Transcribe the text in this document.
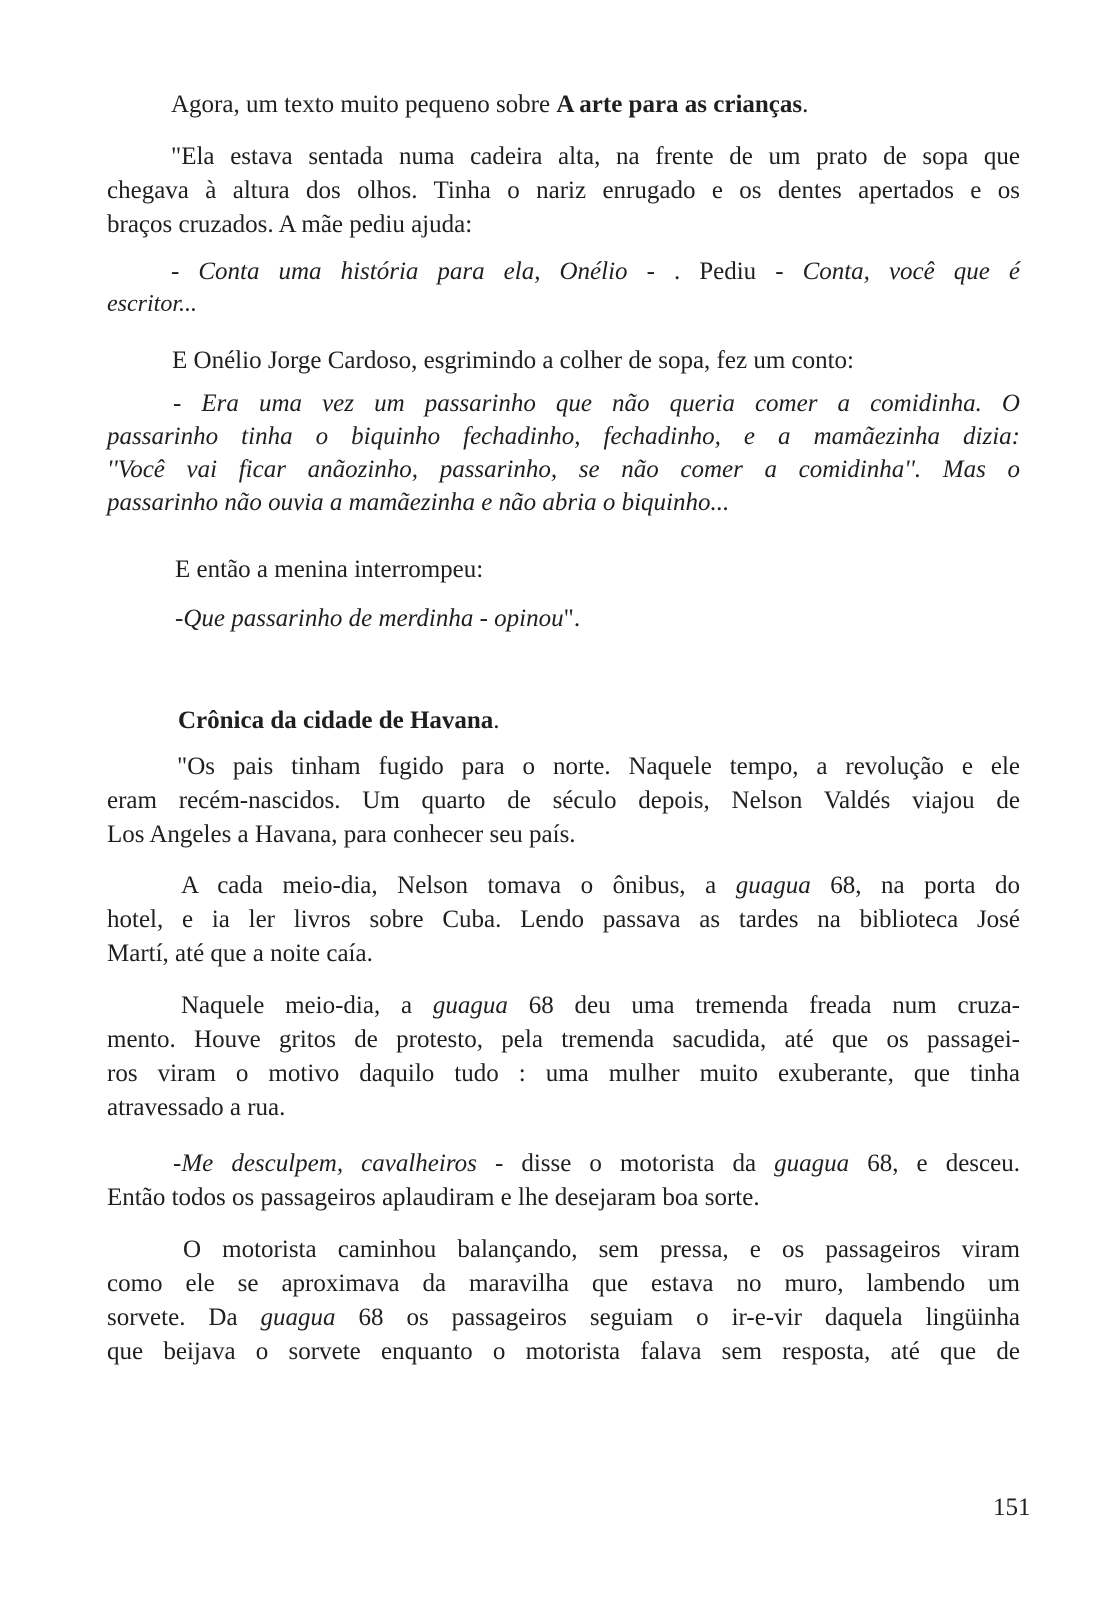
Agora, um texto muito pequeno sobre A arte para as crianças.

"Ela estava sentada numa cadeira alta, na frente de um prato de sopa que

chegava à altura dos olhos. Tinha o nariz enrugado e os dentes apertados e os

braços cruzados. A mãe pediu ajuda:

- Conta uma história para ela, Onélio - . Pediu - Conta, você que é

escritor...

E Onélio Jorge Cardoso, esgrimindo a colher de sopa, fez um conto:

- Era uma vez um passarinho que não queria comer a comidinha. O

passarinho tinha o biquinho fechadinho, fechadinho, e a mamãezinha dizia:

''Você vai ficar anãozinho, passarinho, se não comer a comidinha''. Mas o

passarinho não ouvia a mamãezinha e não abria o biquinho...

E então a menina interrompeu:
-Que passarinho de merdinha - opinou".
Crônica da cidade de Havana.

"Os pais tinham fugido para o norte. Naquele tempo, a revolução e ele

eram recém-nascidos. Um quarto de século depois, Nelson Valdés viajou de

Los Angeles a Havana, para conhecer seu país.

A cada meio-dia, Nelson tomava o ônibus, a guagua 68, na porta do

hotel, e ia ler livros sobre Cuba. Lendo passava as tardes na biblioteca José

Martí, até que a noite caía.

Naquele meio-dia, a guagua 68 deu uma tremenda freada num cruza-

mento. Houve gritos de protesto, pela tremenda sacudida, até que os passagei-

ros viram o motivo daquilo tudo : uma mulher muito exuberante, que tinha

atravessado a rua.

-Me desculpem, cavalheiros - disse o motorista da guagua 68, e desceu.

Então todos os passageiros aplaudiram e lhe desejaram boa sorte.

O motorista caminhou balançando, sem pressa, e os passageiros viram

como ele se aproximava da maravilha que estava no muro, lambendo um

sorvete. Da guagua 68 os passageiros seguiam o ir-e-vir daquela lingüinha

que beijava o sorvete enquanto o motorista falava sem resposta, até que de

151
